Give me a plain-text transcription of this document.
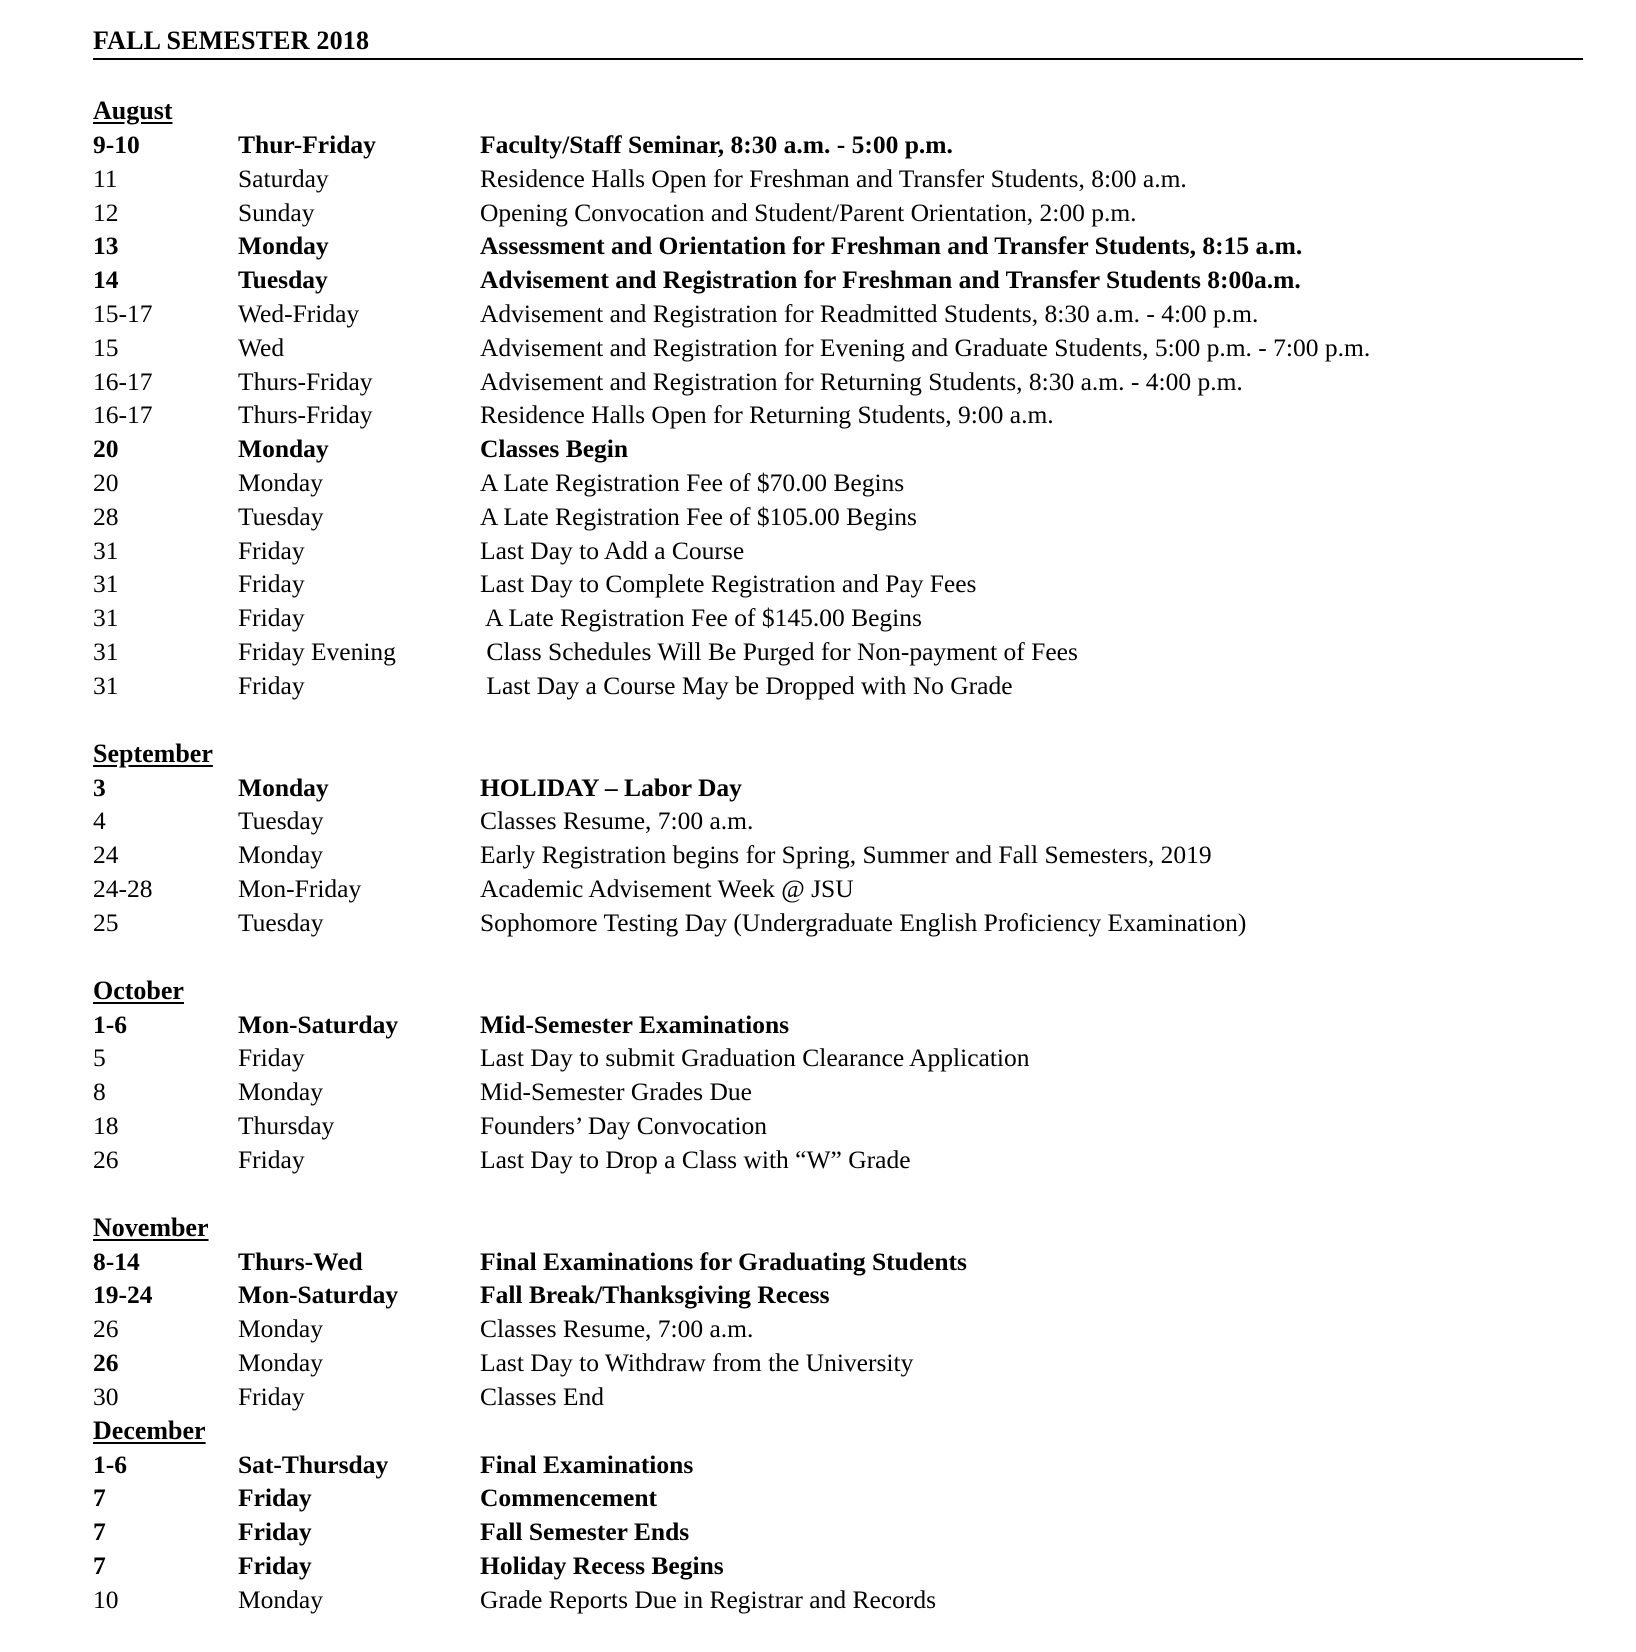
FALL SEMESTER 2018
August
9-10	Thur-Friday	Faculty/Staff Seminar, 8:30 a.m. - 5:00 p.m.
11	Saturday	Residence Halls Open for Freshman and Transfer Students, 8:00 a.m.
12	Sunday	Opening Convocation and Student/Parent Orientation, 2:00 p.m.
13	Monday	Assessment and Orientation for Freshman and Transfer Students, 8:15 a.m.
14	Tuesday	Advisement and Registration for Freshman and Transfer Students 8:00a.m.
15-17	Wed-Friday	Advisement and Registration for Readmitted Students, 8:30 a.m. - 4:00 p.m.
15	Wed	Advisement and Registration for Evening and Graduate Students, 5:00 p.m. - 7:00 p.m.
16-17	Thurs-Friday	Advisement and Registration for Returning Students, 8:30 a.m. - 4:00 p.m.
16-17	Thurs-Friday	Residence Halls Open for Returning Students, 9:00 a.m.
20	Monday	Classes Begin
20	Monday	A Late Registration Fee of $70.00 Begins
28	Tuesday	A Late Registration Fee of $105.00 Begins
31	Friday	Last Day to Add a Course
31	Friday	Last Day to Complete Registration and Pay Fees
31	Friday	A Late Registration Fee of $145.00 Begins
31	Friday Evening	Class Schedules Will Be Purged for Non-payment of Fees
31	Friday	Last Day a Course May be Dropped with No Grade
September
3	Monday	HOLIDAY – Labor Day
4	Tuesday	Classes Resume, 7:00 a.m.
24	Monday	Early Registration begins for Spring, Summer and Fall Semesters, 2019
24-28	Mon-Friday	Academic Advisement Week @ JSU
25	Tuesday	Sophomore Testing Day (Undergraduate English Proficiency Examination)
October
1-6	Mon-Saturday	Mid-Semester Examinations
5	Friday	Last Day to submit Graduation Clearance Application
8	Monday	Mid-Semester Grades Due
18	Thursday	Founders’ Day Convocation
26	Friday	Last Day to Drop a Class with “W” Grade
November
8-14	Thurs-Wed	Final Examinations for Graduating Students
19-24	Mon-Saturday	Fall Break/Thanksgiving Recess
26	Monday	Classes Resume, 7:00 a.m.
26	Monday	Last Day to Withdraw from the University
30	Friday	Classes End
December
1-6	Sat-Thursday	Final Examinations
7	Friday	Commencement
7	Friday	Fall Semester Ends
7	Friday	Holiday Recess Begins
10	Monday	Grade Reports Due in Registrar and Records
